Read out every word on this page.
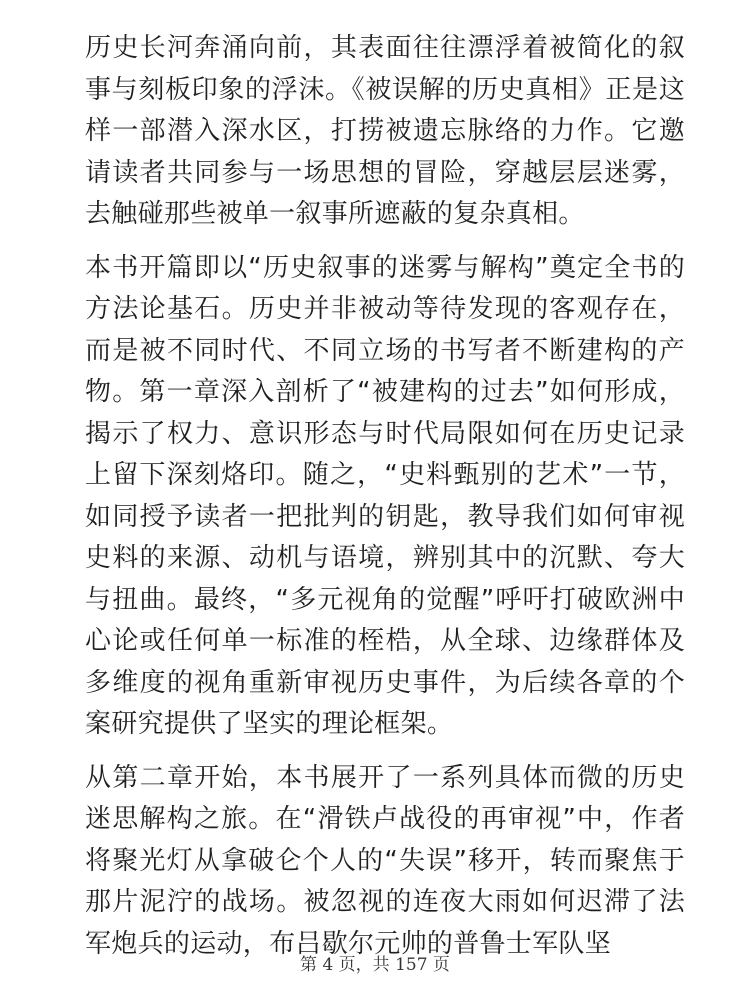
历史长河奔涌向前，其表面往往漂浮着被简化的叙事与刻板印象的浮沫。《被误解的历史真相》正是这样一部潜入深水区，打捞被遗忘脉络的力作。它邀请读者共同参与一场思想的冒险，穿越层层迷雾，去触碰那些被单一叙事所遮蔽的复杂真相。

本书开篇即以“历史叙事的迷雾与解构”奠定全书的方法论基石。历史并非被动等待发现的客观存在，而是被不同时代、不同立场的书写者不断建构的产物。第一章深入剖析了“被建构的过去”如何形成，揭示了权力、意识形态与时代局限如何在历史记录上留下深刻烙印。随之，“史料甄别的艺术”一节，如同授予读者一把批判的钥匙，教导我们如何审视史料的来源、动机与语境，辨别其中的沉默、夸大与扭曲。最终，“多元视角的觉醒”呼吁打破欧洲中心论或任何单一标准的桎梏，从全球、边缘群体及多维度的视角重新审视历史事件，为后续各章的个案研究提供了坚实的理论框架。

从第二章开始，本书展开了一系列具体而微的历史迷思解构之旅。在“滑铁卢战役的再审视”中，作者将聚光灯从拿破仑个人的“失误”移开，转而聚焦于那片泥泞的战场。被忽视的连夜大雨如何迟滞了法军炮兵的运动，布吕歇尔元帅的普鲁士军队坚

第 4 页，共 157 页
